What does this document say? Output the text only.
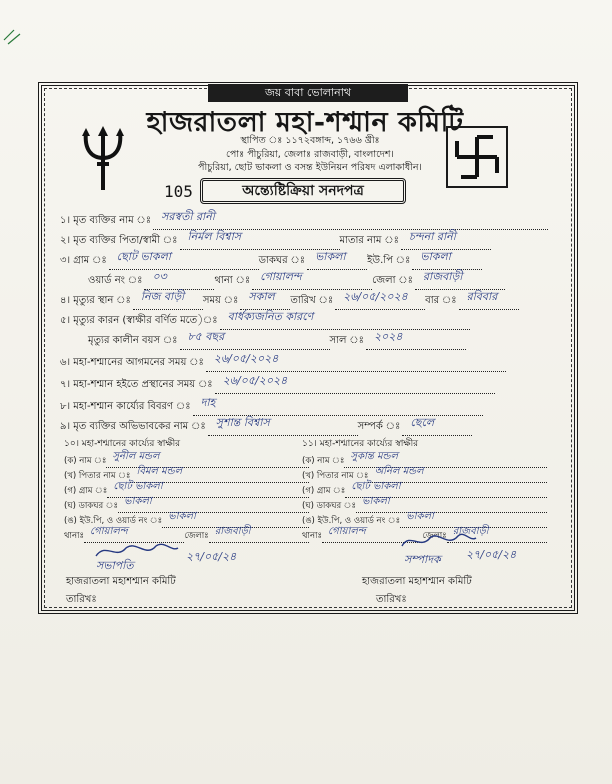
জয় বাবা ভোলানাথ
হাজরাতলা মহা-শশ্মান কমিটি
স্থাপিত ঃ ১১৭২বঙ্গাব্দ, ১৭৬৬ খ্রীঃ
পোঃ পীচুরিয়া, জেলাঃ রাজবাড়ী, বাংলাদেশ।
পীচুরিয়া, ছোট ভাকলা ও বসন্ত ইউনিয়ন পরিষদ এলাকাধীন।
105	অন্ত্যেষ্টিক্রিয়া সনদপত্র
১। মৃত ব্যক্তির নাম ঃ সরস্বতী রানী
২। মৃত ব্যক্তির পিতা/স্বামী ঃ নির্মল বিশ্বাস	মাতার নাম ঃ চন্দনা রানী
৩। গ্রাম ঃ ছোট ভাকলা	ডাকঘর ঃ ভাকলা ইউ.পি ঃ ভাকলা
ওয়ার্ড নং ঃ ০৩	থানা ঃ গোয়ালন্দ	জেলা ঃ রাজবাড়ী
৪। মৃত্যুর স্থান ঃ নিজ বাড়ী সময় ঃ সকাল তারিখ ঃ ২৬/০৫/২০২৪ বার ঃ রবিবার
৫। মৃত্যুর কারন (স্বাক্ষীর বর্ণিত মতে)ঃ বার্ধক্যজনিত কারণে
মৃত্যুর কালীন বয়স ঃ ৮৫ বছর	সাল ঃ ২০২৪
৬। মহা-শশ্মানের আগমনের সময় ঃ ২৬/০৫/২০২৪
৭। মহা-শশ্মান হইতে প্রস্থানের সময় ঃ ২৬/০৫/২০২৪
৮। মহা-শশ্মান কার্য্যের বিবরণ ঃ দাহ
৯। মৃত ব্যক্তির অভিভাবকের নাম ঃ সুশান্ত বিশ্বাস	সম্পর্ক ঃ ছেলে
১০। মহা-শশ্মানের কার্য্যের স্বাক্ষীর
(ক) নাম ঃ সুনীল মন্ডল
(খ) পিতার নাম ঃ বিমল মন্ডল
(গ) গ্রাম ঃ ছোট ভাকলা
(ঘ) ডাকঘর ঃ ভাকলা
(ঙ) ইউ.পি, ও ওয়ার্ড নং ঃ ভাকলা
থানাঃ গোয়ালন্দ	জেলাঃ রাজবাড়ী
১১। মহা-শশ্মানের কার্য্যের স্বাক্ষীর
(ক) নাম ঃ সুকান্ত মন্ডল
(খ) পিতার নাম ঃ অনিল মন্ডল
(গ) গ্রাম ঃ ছোট ভাকলা
(ঘ) ডাকঘর ঃ ভাকলা
(ঙ) ইউ.পি, ও ওয়ার্ড নং ঃ ভাকলা
থানাঃ গোয়ালন্দ	জেলাঃ রাজবাড়ী
সভাপতি
২৭/০৫/২৪	সম্পাদক ২৭/০৫/২৪
হাজরাতলা মহাশশ্মান কমিটি
তারিখঃ
হাজরাতলা মহাশশ্মান কমিটি
তারিখঃ
